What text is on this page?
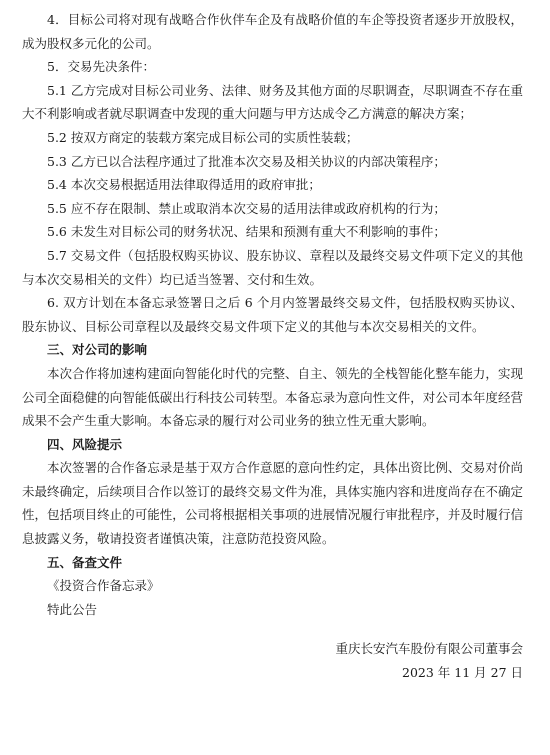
4．目标公司将对现有战略合作伙伴车企及有战略价值的车企等投资者逐步开放股权，成为股权多元化的公司。

5．交易先决条件：

5.1 乙方完成对目标公司业务、法律、财务及其他方面的尽职调查，尽职调查不存在重大不利影响或者就尽职调查中发现的重大问题与甲方达成令乙方满意的解决方案；

5.2 按双方商定的装载方案完成目标公司的实质性装载；

5.3 乙方已以合法程序通过了批准本次交易及相关协议的内部决策程序；

5.4 本次交易根据适用法律取得适用的政府审批；

5.5 应不存在限制、禁止或取消本次交易的适用法律或政府机构的行为；

5.6 未发生对目标公司的财务状况、结果和预测有重大不利影响的事件；

5.7 交易文件（包括股权购买协议、股东协议、章程以及最终交易文件项下定义的其他与本次交易相关的文件）均已适当签署、交付和生效。

6. 双方计划在本备忘录签署日之后 6 个月内签署最终交易文件，包括股权购买协议、股东协议、目标公司章程以及最终交易文件项下定义的其他与本次交易相关的文件。

三、对公司的影响

本次合作将加速构建面向智能化时代的完整、自主、领先的全栈智能化整车能力，实现公司全面稳健的向智能低碳出行科技公司转型。本备忘录为意向性文件，对公司本年度经营成果不会产生重大影响。本备忘录的履行对公司业务的独立性无重大影响。

四、风险提示

本次签署的合作备忘录是基于双方合作意愿的意向性约定，具体出资比例、交易对价尚未最终确定，后续项目合作以签订的最终交易文件为准，具体实施内容和进度尚存在不确定性，包括项目终止的可能性，公司将根据相关事项的进展情况履行审批程序，并及时履行信息披露义务，敬请投资者谨慎决策，注意防范投资风险。

五、备查文件

《投资合作备忘录》

特此公告

重庆长安汽车股份有限公司董事会

2023 年 11 月 27 日
